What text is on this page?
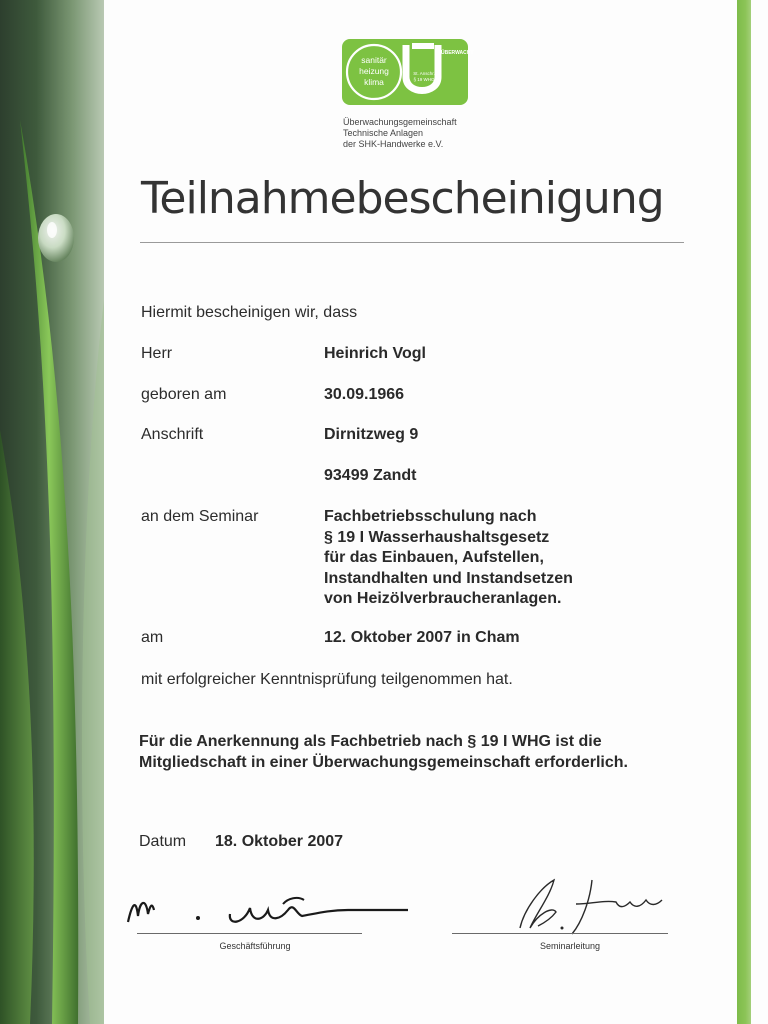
sanitär
heizung
klima
ÜBERWACHT
St. Anschr.
§ 19 WHG
Überwachungsgemeinschaft
Technische Anlagen
der SHK-Handwerke e.V.
Teilnahmebescheinigung
Hiermit bescheinigen wir, dass
Herr	Heinrich Vogl
geboren am	30.09.1966
Anschrift	Dirnitzweg 9
93499 Zandt
an dem Seminar	Fachbetriebsschulung nach
§ 19 I Wasserhaushaltsgesetz
für das Einbauen, Aufstellen,
Instandhalten und Instandsetzen
von Heizölverbraucheranlagen.
am	12. Oktober 2007 in Cham
mit erfolgreicher Kenntnisprüfung teilgenommen hat.
Für die Anerkennung als Fachbetrieb nach § 19 I WHG ist die
Mitgliedschaft in einer Überwachungsgemeinschaft erforderlich.
Datum 18. Oktober 2007
Geschäftsführung	Seminarleitung
